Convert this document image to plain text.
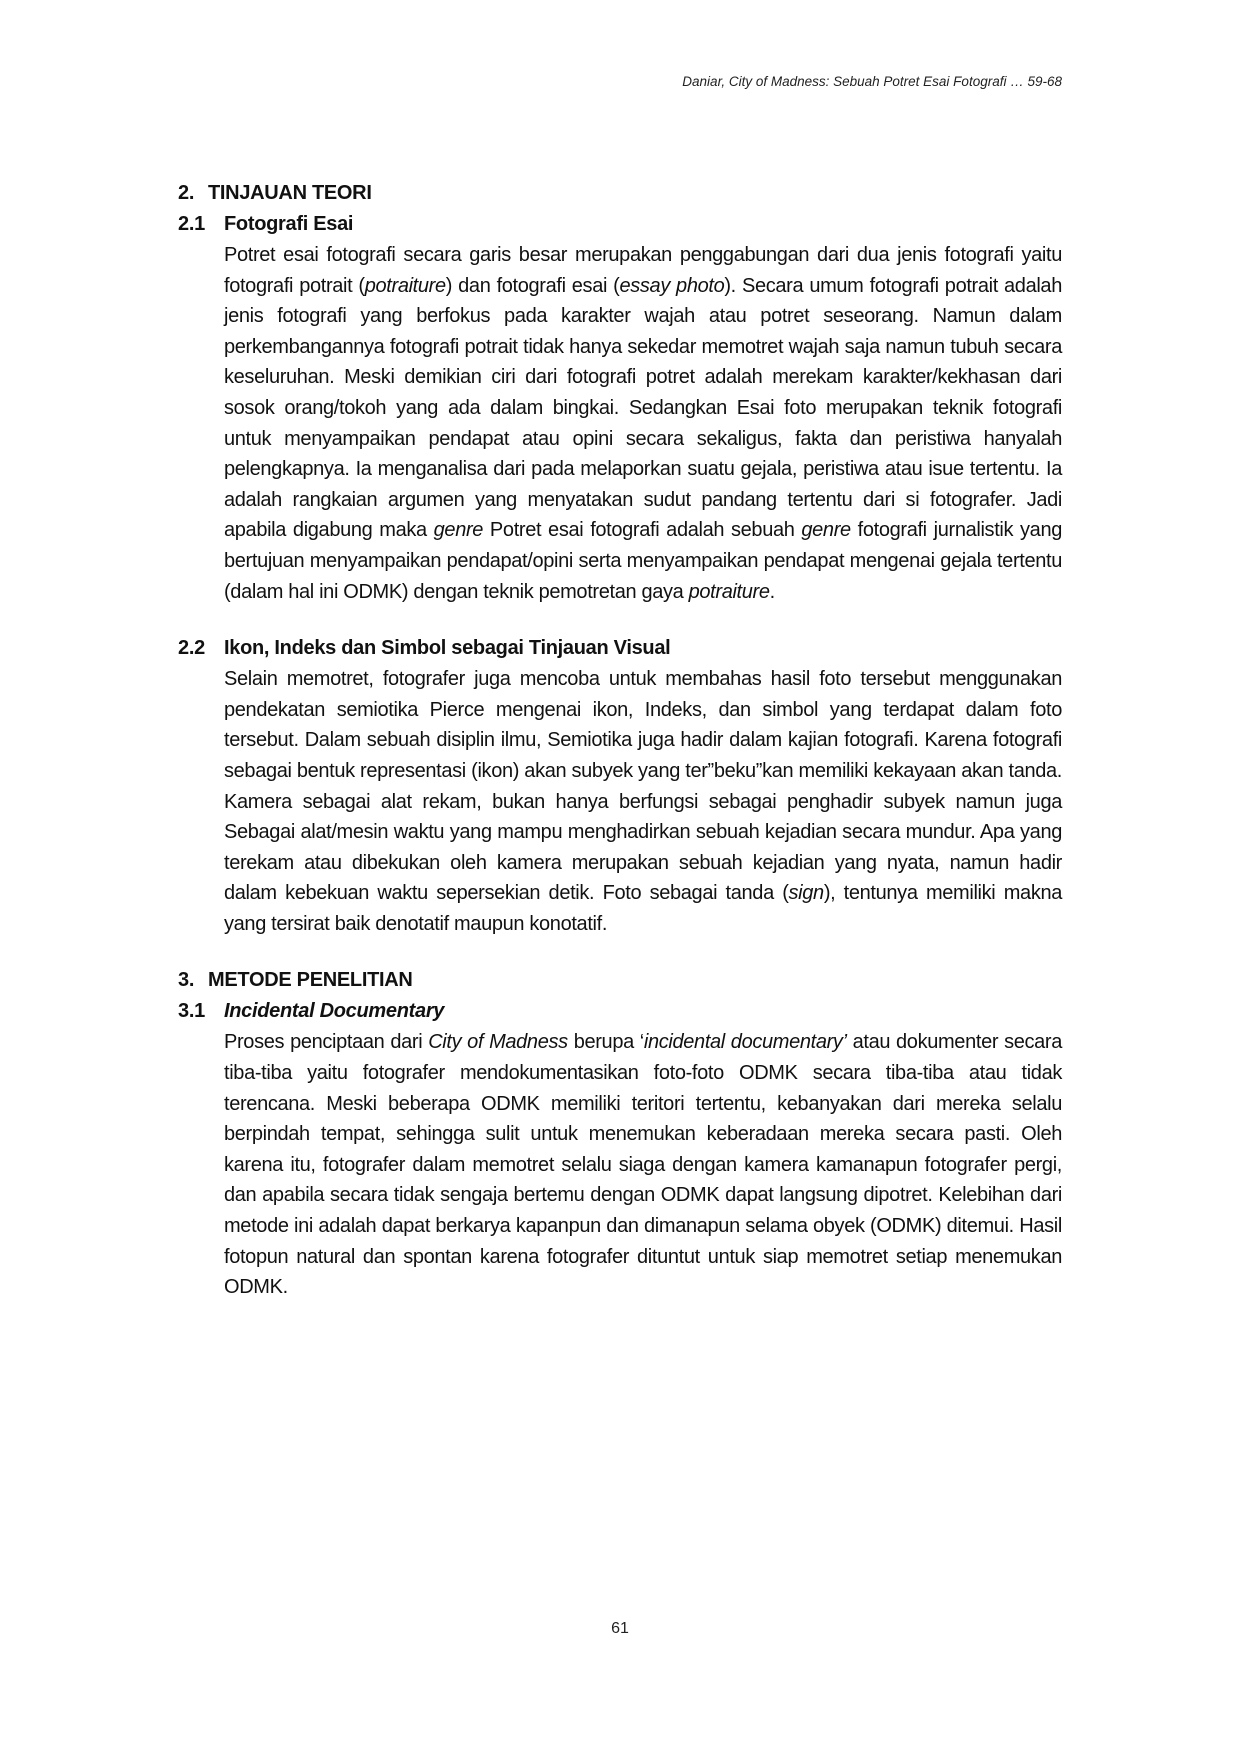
Daniar, City of Madness: Sebuah Potret Esai Fotografi … 59-68
2. TINJAUAN TEORI
2.1 Fotografi Esai

Potret esai fotografi secara garis besar merupakan penggabungan dari dua jenis fotografi yaitu fotografi potrait (potraiture) dan fotografi esai (essay photo). Secara umum fotografi potrait adalah jenis fotografi yang berfokus pada karakter wajah atau potret seseorang. Namun dalam perkembangannya fotografi potrait tidak hanya sekedar memotret wajah saja namun tubuh secara keseluruhan. Meski demikian ciri dari fotografi potret adalah merekam karakter/kekhasan dari sosok orang/tokoh yang ada dalam bingkai. Sedangkan Esai foto merupakan teknik fotografi untuk menyampaikan pendapat atau opini secara sekaligus, fakta dan peristiwa hanyalah pelengkapnya. Ia menganalisa dari pada melaporkan suatu gejala, peristiwa atau isue tertentu. Ia adalah rangkaian argumen yang menyatakan sudut pandang tertentu dari si fotografer. Jadi apabila digabung maka genre Potret esai fotografi adalah sebuah genre fotografi jurnalistik yang bertujuan menyampaikan pendapat/opini serta menyampaikan pendapat mengenai gejala tertentu (dalam hal ini ODMK) dengan teknik pemotretan gaya potraiture.

2.2 Ikon, Indeks dan Simbol sebagai Tinjauan Visual

Selain memotret, fotografer juga mencoba untuk membahas hasil foto tersebut menggunakan pendekatan semiotika Pierce mengenai ikon, Indeks, dan simbol yang terdapat dalam foto tersebut. Dalam sebuah disiplin ilmu, Semiotika juga hadir dalam kajian fotografi. Karena fotografi sebagai bentuk representasi (ikon) akan subyek yang ter”beku”kan memiliki kekayaan akan tanda. Kamera sebagai alat rekam, bukan hanya berfungsi sebagai penghadir subyek namun juga Sebagai alat/mesin waktu yang mampu menghadirkan sebuah kejadian secara mundur. Apa yang terekam atau dibekukan oleh kamera merupakan sebuah kejadian yang nyata, namun hadir dalam kebekuan waktu sepersekian detik. Foto sebagai tanda (sign), tentunya memiliki makna yang tersirat baik denotatif maupun konotatif.

3. METODE PENELITIAN
3.1 Incidental Documentary

Proses penciptaan dari City of Madness berupa ‘incidental documentary’ atau dokumenter secara tiba-tiba yaitu fotografer mendokumentasikan foto-foto ODMK secara tiba-tiba atau tidak terencana. Meski beberapa ODMK memiliki teritori tertentu, kebanyakan dari mereka selalu berpindah tempat, sehingga sulit untuk menemukan keberadaan mereka secara pasti. Oleh karena itu, fotografer dalam memotret selalu siaga dengan kamera kamanapun fotografer pergi, dan apabila secara tidak sengaja bertemu dengan ODMK dapat langsung dipotret. Kelebihan dari metode ini adalah dapat berkarya kapanpun dan dimanapun selama obyek (ODMK) ditemui. Hasil fotopun natural dan spontan karena fotografer dituntut untuk siap memotret setiap menemukan ODMK.

61
